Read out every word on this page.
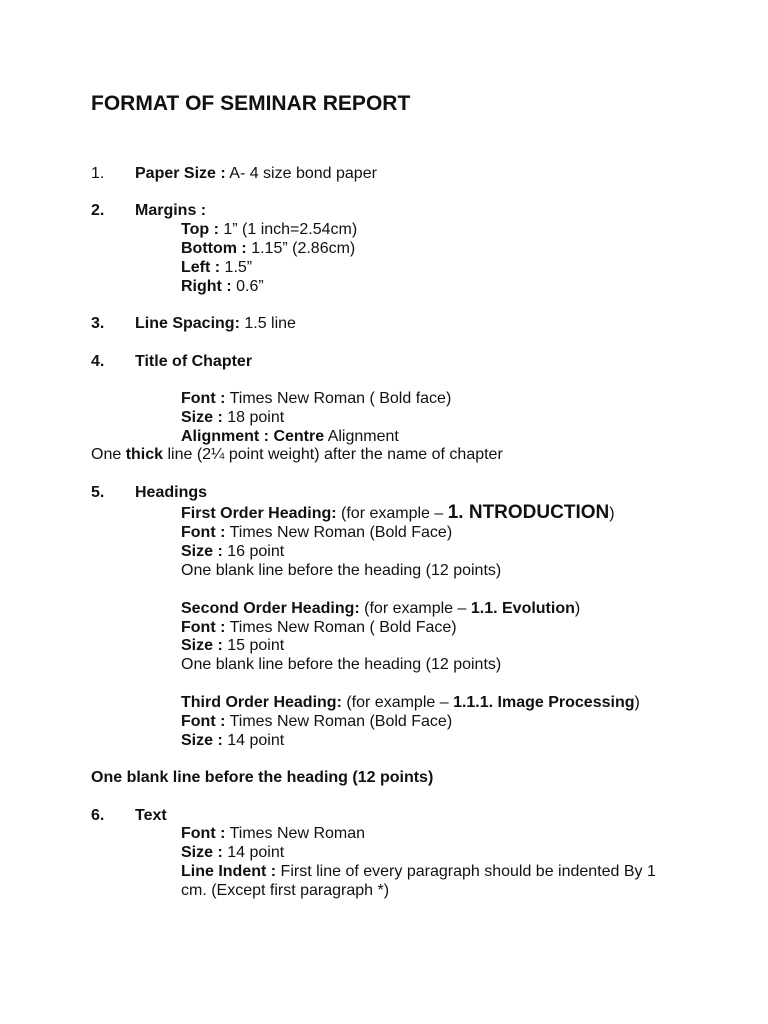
FORMAT OF SEMINAR REPORT
1. Paper Size : A- 4 size bond paper
2. Margins :
Top : 1” (1 inch=2.54cm)
Bottom : 1.15” (2.86cm)
Left : 1.5”
Right : 0.6”
3. Line Spacing: 1.5 line
4. Title of Chapter
Font : Times New Roman ( Bold face)
Size : 18 point
Alignment : Centre Alignment
One thick line (2¼ point weight) after the name of chapter
5. Headings
First Order Heading: (for example – 1. NTRODUCTION)
Font : Times New Roman (Bold Face)
Size : 16 point
One blank line before the heading (12 points)
Second Order Heading: (for example – 1.1. Evolution)
Font : Times New Roman ( Bold Face)
Size : 15 point
One blank line before the heading (12 points)
Third Order Heading: (for example – 1.1.1. Image Processing)
Font : Times New Roman (Bold Face)
Size : 14 point
One blank line before the heading (12 points)
6. Text
Font : Times New Roman
Size : 14 point
Line Indent : First line of every paragraph should be indented By 1
cm. (Except first paragraph *)
